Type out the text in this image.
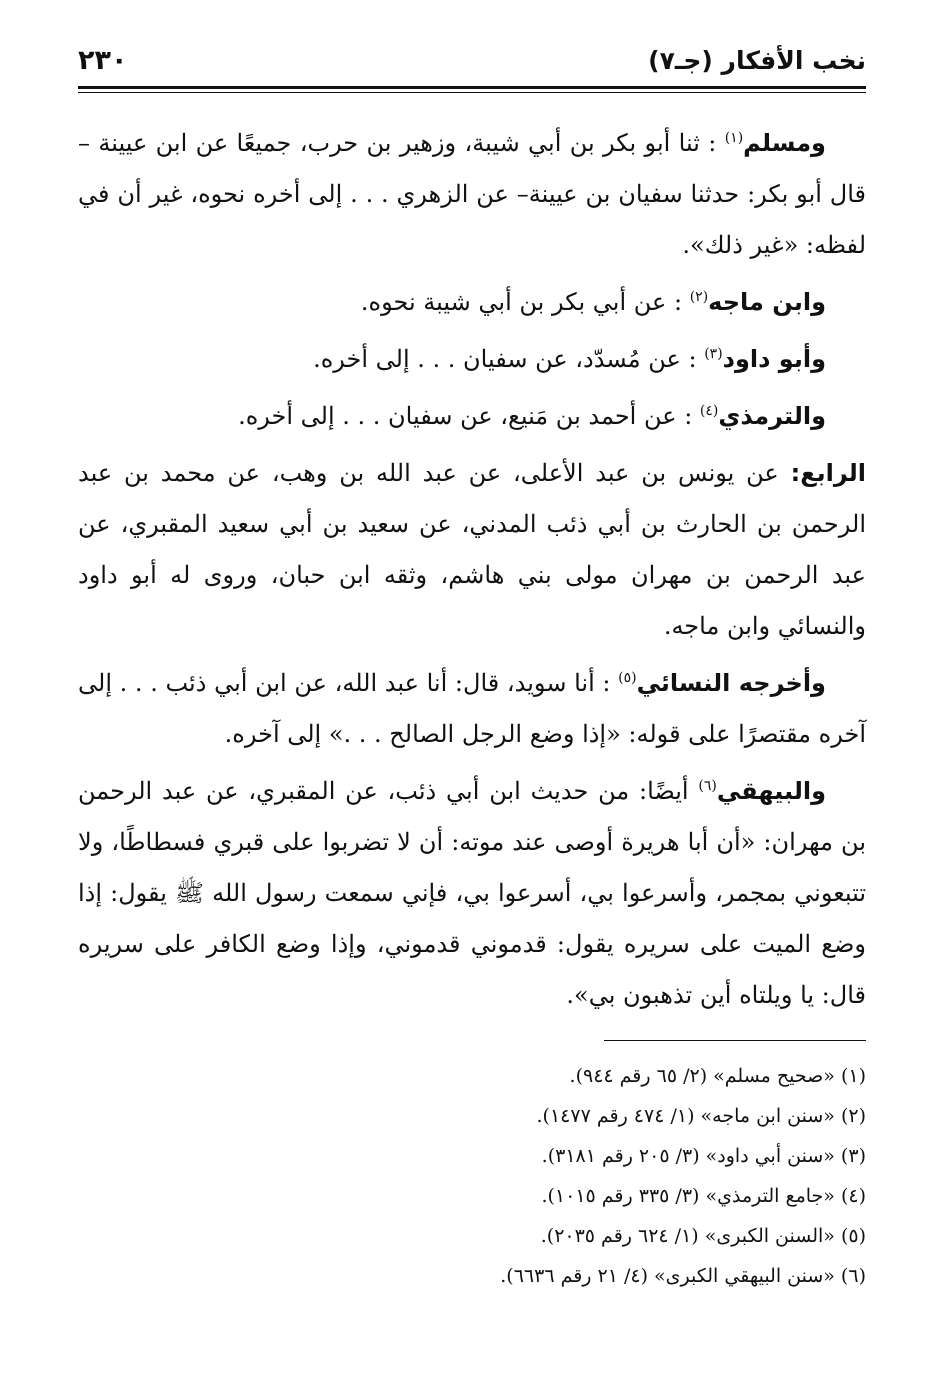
نخب الأفكار (جـ٧)
٢٣٠

ومسلم$^{(١)}$ : ثنا أبو بكر بن أبي شيبة، وزهير بن حرب، جميعًا عن ابن عيينة – قال أبو بكر: حدثنا سفيان بن عيينة– عن الزهري . . . إلى أخره نحوه، غير أن في لفظه: «غير ذلك».

وابن ماجه$^{(٢)}$ : عن أبي بكر بن أبي شيبة نحوه.

وأبو داود$^{(٣)}$ : عن مُسدّد، عن سفيان . . . إلى أخره.

والترمذي$^{(٤)}$ : عن أحمد بن مَنيع، عن سفيان . . . إلى أخره.

الرابع: عن يونس بن عبد الأعلى، عن عبد الله بن وهب، عن محمد بن عبد الرحمن بن الحارث بن أبي ذئب المدني، عن سعيد بن أبي سعيد المقبري، عن عبد الرحمن بن مهران مولى بني هاشم، وثقه ابن حبان، وروى له أبو داود والنسائي وابن ماجه.

وأخرجه النسائي$^{(٥)}$ : أنا سويد، قال: أنا عبد الله، عن ابن أبي ذئب . . . إلى آخره مقتصرًا على قوله: «إذا وضع الرجل الصالح . . .» إلى آخره.

والبيهقي$^{(٦)}$ أيضًا: من حديث ابن أبي ذئب، عن المقبري، عن عبد الرحمن بن مهران: «أن أبا هريرة أوصى عند موته: أن لا تضربوا على قبري فسطاطًا، ولا تتبعوني بمجمر، وأسرعوا بي، أسرعوا بي، فإني سمعت رسول الله ﷺ يقول: إذا وضع الميت على سريره يقول: قدموني قدموني، وإذا وضع الكافر على سريره قال: يا ويلتاه أين تذهبون بي».

(١) «صحيح مسلم» (٢/ ٦٥ رقم ٩٤٤).
(٢) «سنن ابن ماجه» (١/ ٤٧٤ رقم ١٤٧٧).
(٣) «سنن أبي داود» (٣/ ٢٠٥ رقم ٣١٨١).
(٤) «جامع الترمذي» (٣/ ٣٣٥ رقم ١٠١٥).
(٥) «السنن الكبرى» (١/ ٦٢٤ رقم ٢٠٣٥).
(٦) «سنن البيهقي الكبرى» (٤/ ٢١ رقم ٦٦٣٦).
